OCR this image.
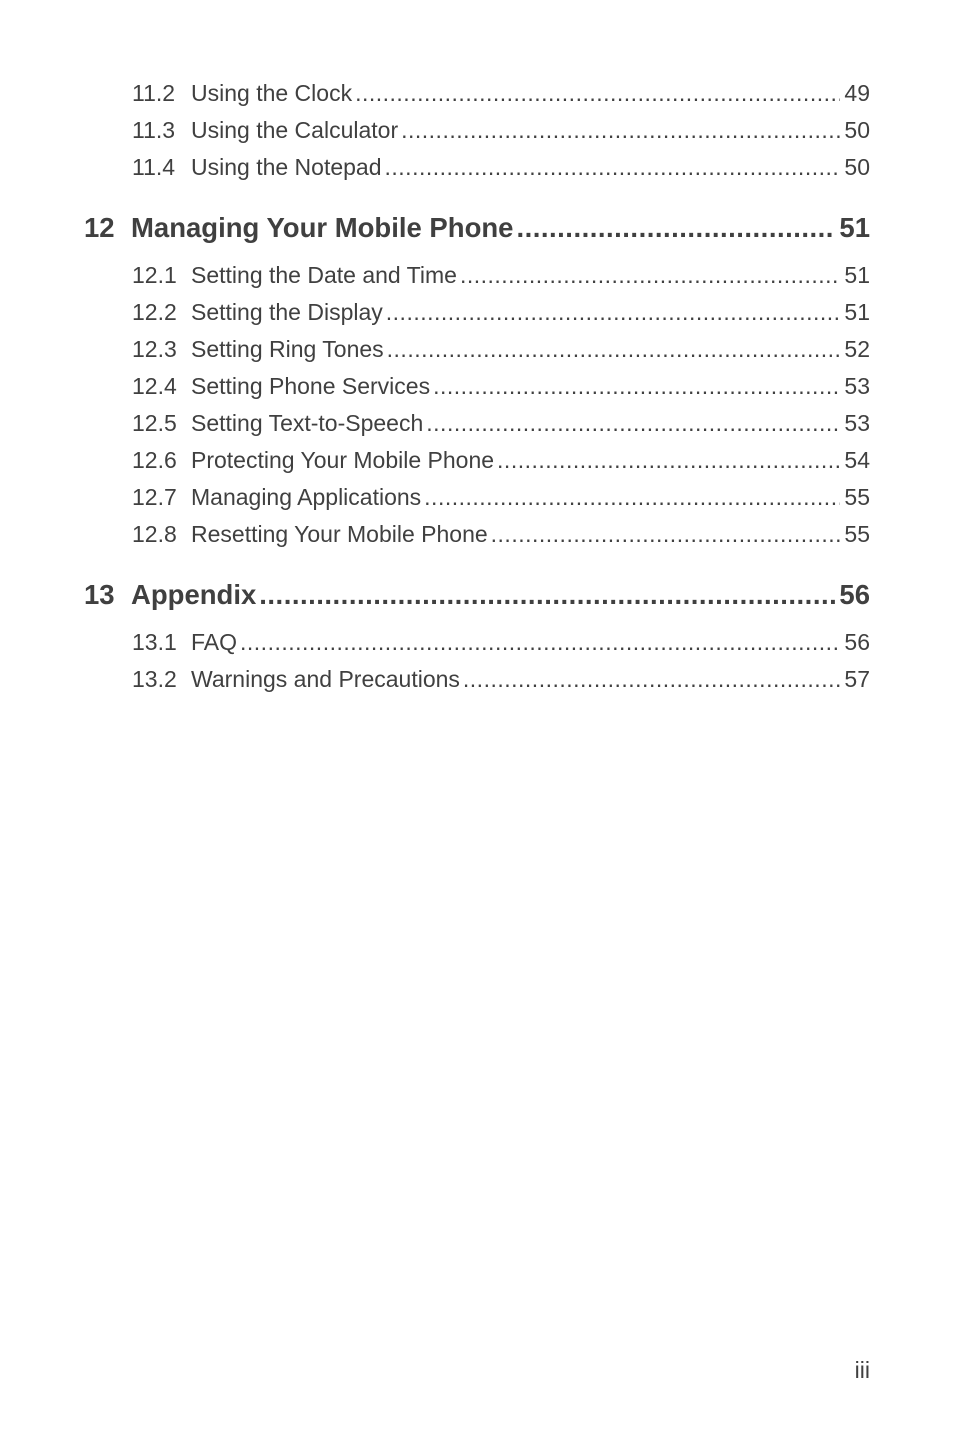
11.2 Using the Clock .....	49
11.3 Using the Calculator .....	50
11.4 Using the Notepad .....	50
12 Managing Your Mobile Phone .....	51
12.1 Setting the Date and Time .....	51
12.2 Setting the Display .....	51
12.3 Setting Ring Tones .....	52
12.4 Setting Phone Services .....	53
12.5 Setting Text-to-Speech .....	53
12.6 Protecting Your Mobile Phone .....	54
12.7 Managing Applications .....	55
12.8 Resetting Your Mobile Phone .....	55
13 Appendix .....	56
13.1 FAQ .....	56
13.2 Warnings and Precautions .....	57
iii
